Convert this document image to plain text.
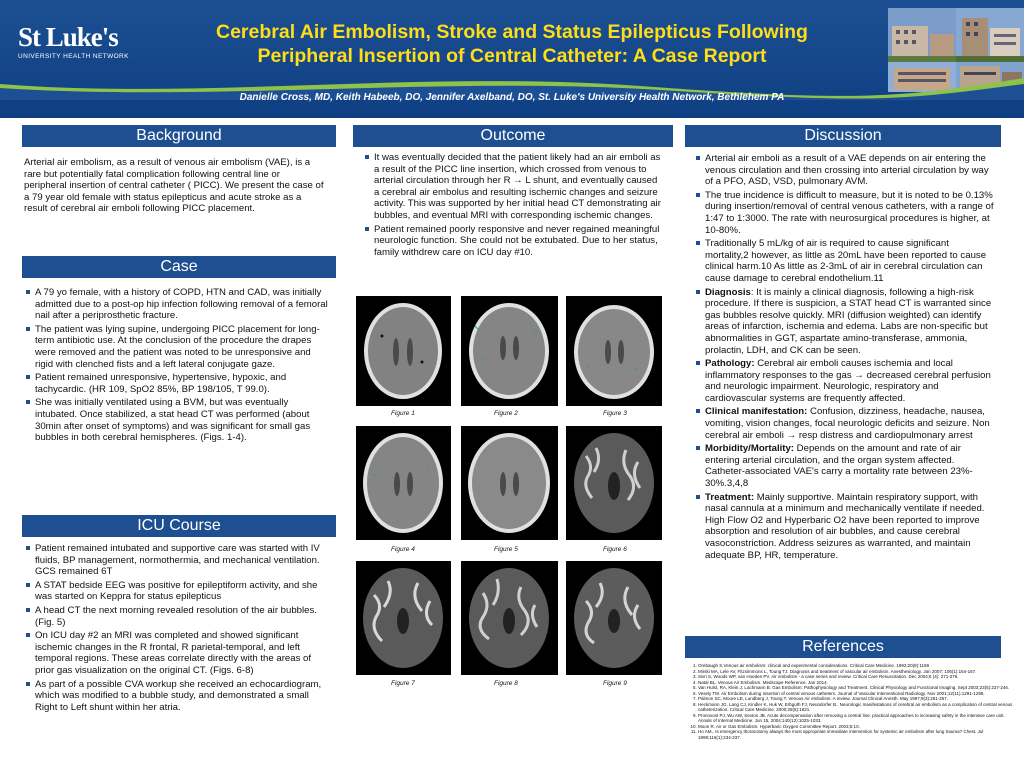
St Luke's
UNIVERSITY HEALTH NETWORK
Cerebral Air Embolism, Stroke and Status Epilepticus Following
Peripheral Insertion of Central Catheter: A Case Report
Danielle Cross, MD, Keith Habeeb, DO, Jennifer Axelband, DO, St. Luke's University Health Network, Bethlehem PA
Background
Arterial air embolism, as a result of venous air embolism (VAE), is a rare but potentially fatal complication following central line or peripheral insertion of central catheter ( PICC). We present the case of a 79 year old female with status epilepticus and acute stroke as a result of cerebral air emboli following PICC placement.
Case
A 79 yo female, with a history of COPD, HTN and CAD, was initially admitted due to a post-op hip infection following removal of a femoral nail after a periprosthetic fracture.
The patient was lying supine, undergoing PICC placement for long-term antibiotic use. At the conclusion of the procedure the drapes were removed and the patient was noted to be unresponsive and rigid with clenched fists and a left lateral conjugate gaze.
Patient remained unresponsive, hypertensive, hypoxic, and tachycardic. (HR 109, SpO2 85%, BP 198/105, T 99.0).
She was initially ventilated using a BVM, but was eventually intubated. Once stabilized, a stat head CT was performed (about 30min after onset of symptoms) and was significant for small gas bubbles in both cerebral hemispheres. (Figs. 1-4).
ICU Course
Patient remained intubated and supportive care was started with IV fluids, BP management, normothermia, and mechanical ventilation. GCS remained 6T
A STAT bedside EEG was positive for epileptiform activity, and she was started on Keppra for status epilepticus
A head CT the next morning revealed resolution of the air bubbles. (Fig. 5)
On ICU day #2 an MRI was completed and showed significant ischemic changes in the R frontal, R parietal-temporal, and left temporal regions. These areas correlate directly with the areas of prior gas visualization on the original CT. (Figs. 6-8)
As part of a possible CVA workup she received an echocardiogram, which was modified to a bubble study, and demonstrated a small Right to Left shunt within her atria.
Outcome
It was eventually decided that the patient likely had an air emboli as a result of the PICC line insertion, which crossed from venous to arterial circulation through her R → L shunt, and eventually caused a cerebral air embolus and resulting ischemic changes and seizure activity. This was supported by her initial head CT demonstrating air bubbles, and eventual MRI with corresponding ischemic changes.
Patient remained poorly responsive and never regained meaningful neurologic function. She could not be extubated. Due to her status, family withdrew care on ICU day #10.
Figure 1	Figure 2	Figure 3
Figure 4	Figure 5	Figure 6
Figure 7	Figure 8	Figure 9
Discussion
Arterial air emboli as a result of a VAE depends on air entering the venous circulation and then crossing into arterial circulation by way of a PFO, ASD, VSD, pulmonary AVM.
The true incidence is difficult to measure, but it is noted to be 0.13% during insertion/removal of central venous catheters, with a range of 1:47 to 1:3000. The rate with neurosurgical procedures is higher, at 10-80%.
Traditionally 5 mL/kg of air is required to cause significant mortality,2 however, as little as 20mL have been reported to cause clinical harm.10 As little as 2-3mL of air in cerebral circulation can cause damage to cerebral endothelium.11
Diagnosis: It is mainly a clinical diagnosis, following a high-risk procedure. If there is suspicion, a STAT head CT is warranted since gas bubbles resolve quickly. MRI (diffusion weighted) can identify areas of infarction, ischemia and edema. Labs are non-specific but abnormalities in GGT, aspartate amino-transferase, ammonia, prolactin, LDH, and CK can be seen.
Pathology: Cerebral air emboli causes ischemia and local inflammatory responses to the gas → decreased cerebral perfusion and neurologic impairment. Neurologic, respiratory and cardiovascular systems are frequently affected.
Clinical manifestation: Confusion, dizziness, headache, nausea, vomiting, vision changes, focal neurologic deficits and seizure. Non cerebral air emboli → resp distress and cardiopulmonary arrest
Morbidity/Mortality: Depends on the amount and rate of air entering arterial circulation, and the organ system affected. Catheter-associated VAE's carry a mortality rate between 23%- 30%.3,4,8
Treatment: Mainly supportive. Maintain respiratory support, with nasal cannula at a minimum and mechanically ventilate if needed. High Flow O2 and Hyperbaric O2 have been reported to improve absorption and resolution of air bubbles, and cause cerebral vasoconstriction. Address seizures as warranted, and maintain adequate BP, HR, temperature.
References
1. Orebaugh S.Venous air embolism: clinical and experimental considerations. Critical Care Medicine. 1992;20(8):1169
2. Mirski MA, Lele AV, Fitzsimmons L, Toung TJ. Diagnosis and treatment of vascular air embolism. Anesthesiology. Jan 2007; 106(1):164-167.
3. Sivri S, Woods WP, van Hoeden PV. Air embolism - a case series and review. Critical Care Resuscitation. Dec 2004;6 (4): 271-276.
4. Natal BL. Venous Air Embolism. Medscape Reference. Jan 2014.
5. Van Hulst, RA, Klein J, Lachmann B. Gas Embolism: Pathophysiology and Treatment. Clinical Physiology and Functional Imaging. Sept 2003;23(5):237-246.
6. Vesely TM. Air Embolism during insertion of central venous catheters. Journal of Vascular Interventional Radiology. Nov 2001;12(11):1291-1295.
7. Palmon SC, Moore LE, Lundberg J, Toung T. Venous Air embolism: A review. Journal Clinical Anesth. May 1997;9(3):251-257.
8. Heckmann JG, Lang CJ, Kindler K, Huk W, Erbguth FJ, Neundorfer B.. Neurologic manifestations of cerebral air embolism as a complication of central venous catheterization. Critical Care Medicine. 2000;28(5):1621.
9. Pronovost PJ, Wu AW, Sexton JB. Acute decompensation after removing a central line: practical approaches to increasing safety in the intensive care unit. Annals of Internal Medicine. Jun 15, 2004;140(12):1025-1033.
10. Moon R. Air or Gas Embolism. Hyperbaric Oxygen Committee Report. 2003;5:10.
11. Ho AM,. Is emergency thoracotomy always the most appropriate immediate intervention for systemic air embolism after lung trauma? Chest. Jul 1999;116(1):234-237.
